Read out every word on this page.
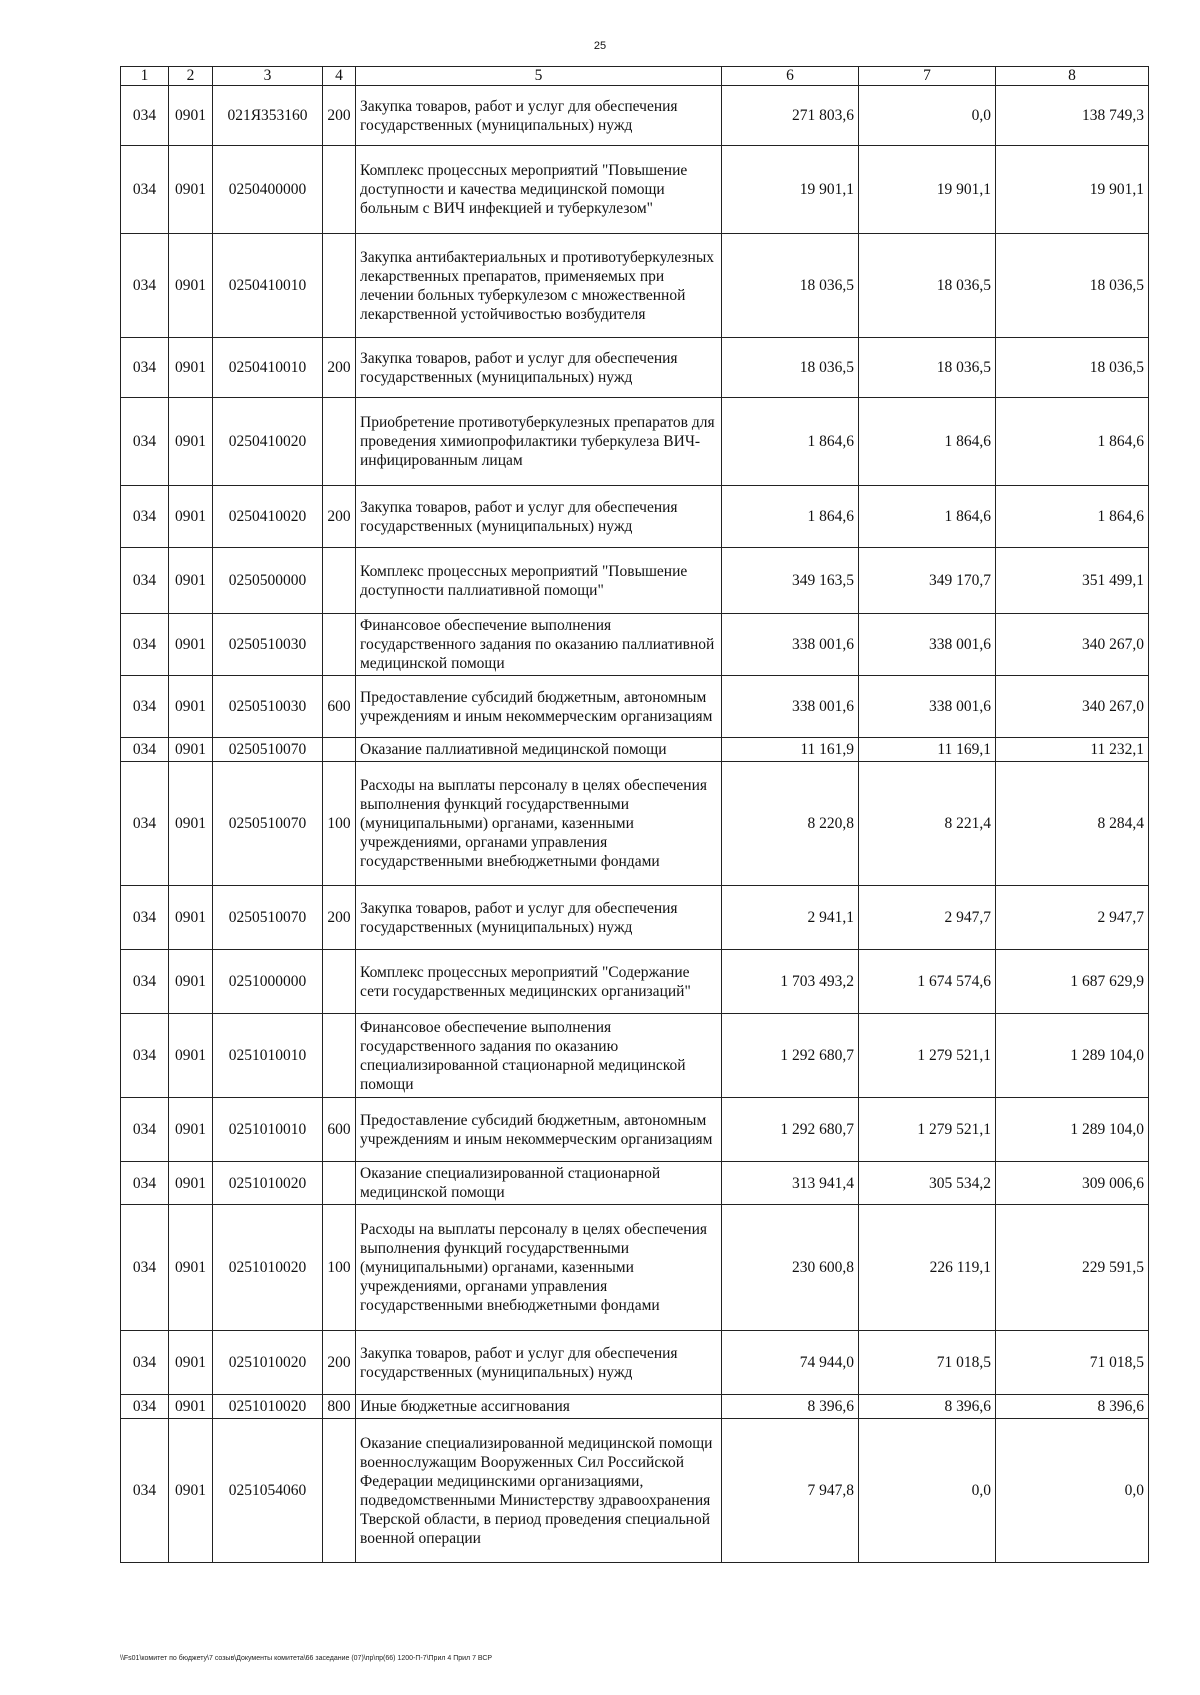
25
1	2	3	4	5	6	7	8
034	0901	021Я353160	200	Закупка товаров, работ и услуг для обеспечения государственных (муниципальных) нужд	271 803,6	0,0	138 749,3
034	0901	0250400000		Комплекс процессных мероприятий "Повышение доступности и качества медицинской помощи больным с ВИЧ инфекцией и туберкулезом"	19 901,1	19 901,1	19 901,1
034	0901	0250410010		Закупка антибактериальных и противотуберкулезных лекарственных препаратов, применяемых при лечении больных туберкулезом с множественной лекарственной устойчивостью возбудителя	18 036,5	18 036,5	18 036,5
034	0901	0250410010	200	Закупка товаров, работ и услуг для обеспечения государственных (муниципальных) нужд	18 036,5	18 036,5	18 036,5
034	0901	0250410020		Приобретение противотуберкулезных препаратов для проведения химиопрофилактики туберкулеза ВИЧ-инфицированным лицам	1 864,6	1 864,6	1 864,6
034	0901	0250410020	200	Закупка товаров, работ и услуг для обеспечения государственных (муниципальных) нужд	1 864,6	1 864,6	1 864,6
034	0901	0250500000		Комплекс процессных мероприятий "Повышение доступности паллиативной помощи"	349 163,5	349 170,7	351 499,1
034	0901	0250510030		Финансовое обеспечение выполнения государственного задания по оказанию паллиативной медицинской помощи	338 001,6	338 001,6	340 267,0
034	0901	0250510030	600	Предоставление субсидий бюджетным, автономным учреждениям и иным некоммерческим организациям	338 001,6	338 001,6	340 267,0
034	0901	0250510070		Оказание паллиативной медицинской помощи	11 161,9	11 169,1	11 232,1
034	0901	0250510070	100	Расходы на выплаты персоналу в целях обеспечения выполнения функций государственными (муниципальными) органами, казенными учреждениями, органами управления государственными внебюджетными фондами	8 220,8	8 221,4	8 284,4
034	0901	0250510070	200	Закупка товаров, работ и услуг для обеспечения государственных (муниципальных) нужд	2 941,1	2 947,7	2 947,7
034	0901	0251000000		Комплекс процессных мероприятий "Содержание сети государственных медицинских организаций"	1 703 493,2	1 674 574,6	1 687 629,9
034	0901	0251010010		Финансовое обеспечение выполнения государственного задания по оказанию специализированной стационарной медицинской помощи	1 292 680,7	1 279 521,1	1 289 104,0
034	0901	0251010010	600	Предоставление субсидий бюджетным, автономным учреждениям и иным некоммерческим организациям	1 292 680,7	1 279 521,1	1 289 104,0
034	0901	0251010020		Оказание специализированной стационарной медицинской помощи	313 941,4	305 534,2	309 006,6
034	0901	0251010020	100	Расходы на выплаты персоналу в целях обеспечения выполнения функций государственными (муниципальными) органами, казенными учреждениями, органами управления государственными внебюджетными фондами	230 600,8	226 119,1	229 591,5
034	0901	0251010020	200	Закупка товаров, работ и услуг для обеспечения государственных (муниципальных) нужд	74 944,0	71 018,5	71 018,5
034	0901	0251010020	800	Иные бюджетные ассигнования	8 396,6	8 396,6	8 396,6
034	0901	0251054060		Оказание специализированной медицинской помощи военнослужащим Вооруженных Сил Российской Федерации медицинскими организациями, подведомственными Министерству здравоохранения Тверской области, в период проведения специальной военной операции	7 947,8	0,0	0,0
\\Fs01\комитет по бюджету\7 созыв\Документы комитета\66 заседание (07)\пр\пр(66) 1200-П-7\Прил 4 Прил 7 ВСР
